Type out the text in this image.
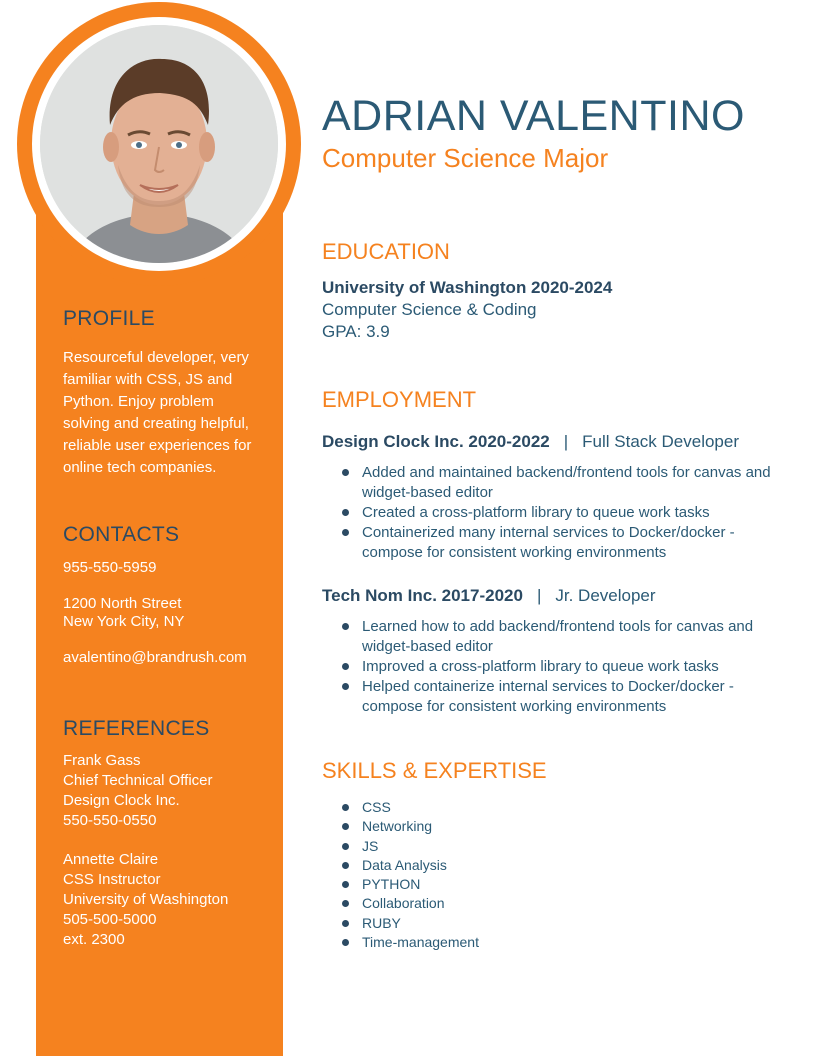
PROFILE

Resourceful developer, very familiar with CSS, JS and Python. Enjoy problem solving and creating helpful, reliable user experiences for online tech companies.

CONTACTS
955-550-5959
1200 North Street
New York City, NY
avalentino@brandrush.com
REFERENCES
Frank Gass
Chief Technical Officer
Design Clock Inc.
550-550-0550
Annette Claire
CSS Instructor
University of Washington
505-500-5000
ext. 2300
ADRIAN VALENTINO
Computer Science Major
EDUCATION
University of Washington 2020-2024
Computer Science & Coding
GPA: 3.9
EMPLOYMENT
Design Clock Inc. 2020-2022 | Full Stack Developer
Added and maintained backend/frontend tools for canvas and widget-based editor
Created a cross-platform library to queue work tasks
Containerized many internal services to Docker/docker - compose for consistent working environments
Tech Nom Inc. 2017-2020 | Jr. Developer
Learned how to add backend/frontend tools for canvas and widget-based editor
Improved a cross-platform library to queue work tasks
Helped containerize internal services to Docker/docker - compose for consistent working environments
SKILLS & EXPERTISE
CSS
Networking
JS
Data Analysis
PYTHON
Collaboration
RUBY
Time-management
